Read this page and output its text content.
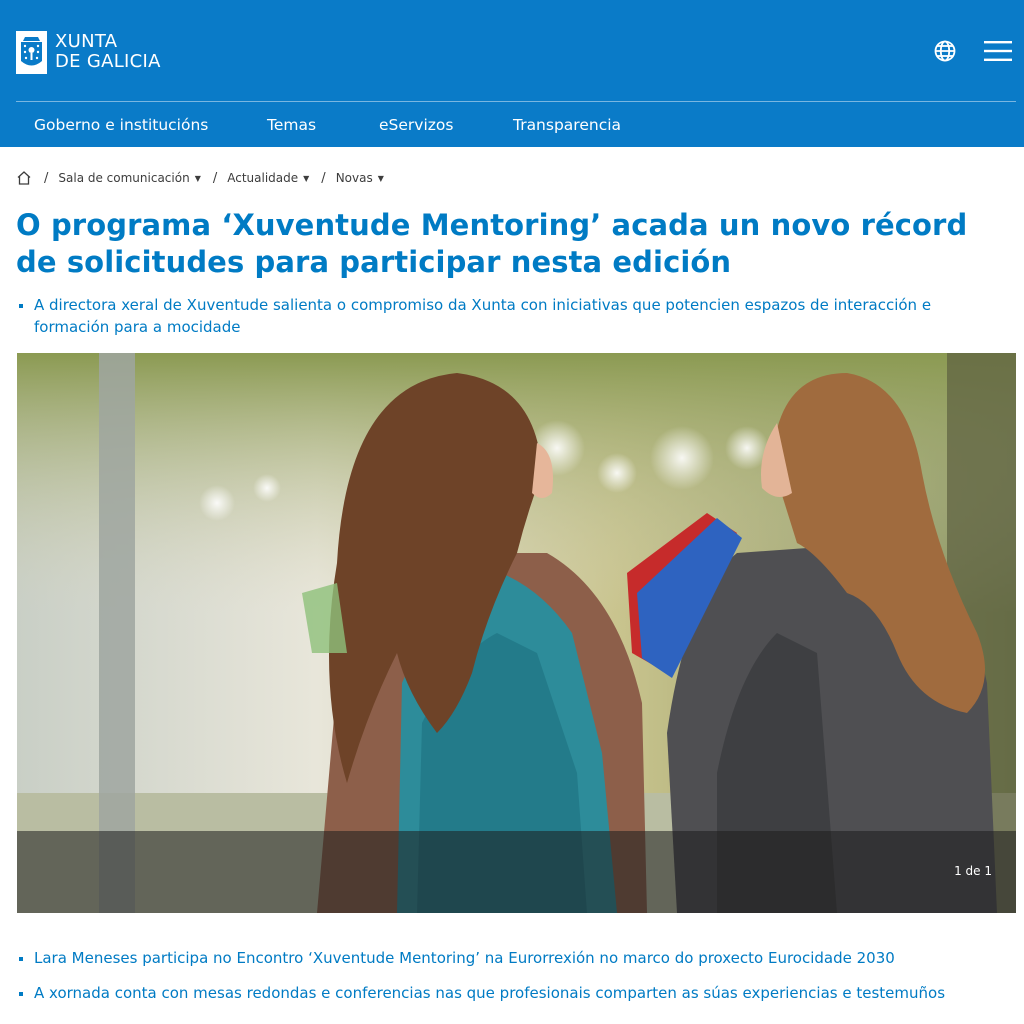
XUNTA
DE GALICIA
Goberno e institucións	Temas	eServizos	Transparencia
/ Sala de comunicación ▼ / Actualidade ▼ / Novas ▼
O programa ‘Xuventude Mentoring’ acada un novo récord de solicitudes para participar nesta edición
A directora xeral de Xuventude salienta o compromiso da Xunta con iniciativas que potencien espazos de interacción e formación para a mocidade
1 de 1
Lara Meneses participa no Encontro ‘Xuventude Mentoring’ na Eurorrexión no marco do proxecto Eurocidade 2030
A xornada conta con mesas redondas e conferencias nas que profesionais comparten as súas experiencias e testemuños
